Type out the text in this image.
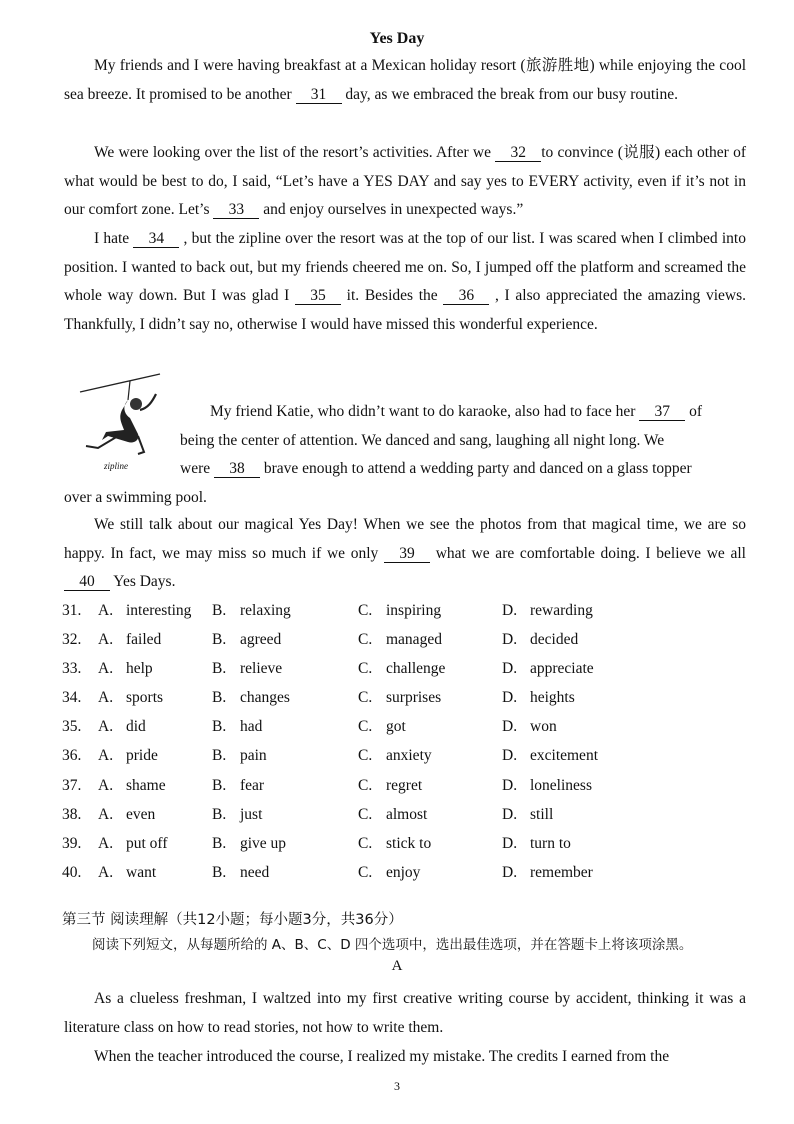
Yes Day
My friends and I were having breakfast at a Mexican holiday resort (旅游胜地) while enjoying the cool sea breeze. It promised to be another 31 day, as we embraced the break from our busy routine.
We were looking over the list of the resort’s activities. After we 32 to convince (说服) each other of what would be best to do, I said, “Let’s have a YES DAY and say yes to EVERY activity, even if it’s not in our comfort zone. Let’s 33 and enjoy ourselves in unexpected ways.”
I hate 34 , but the zipline over the resort was at the top of our list. I was scared when I climbed into position. I wanted to back out, but my friends cheered me on. So, I jumped off the platform and screamed the whole way down. But I was glad I 35 it. Besides the 36 , I also appreciated the amazing views. Thankfully, I didn’t say no, otherwise I would have missed this wonderful experience.
zipline
My friend Katie, who didn’t want to do karaoke, also had to face her 37 of
being the center of attention. We danced and sang, laughing all night long. We
were 38 brave enough to attend a wedding party and danced on a glass topper
over a swimming pool.
We still talk about our magical Yes Day! When we see the photos from that magical time, we are so happy. In fact, we may miss so much if we only 39 what we are comfortable doing. I believe we all40 Yes Days.
31. A. interesting B. relaxing	C. inspiring	D. rewarding
32. A. failed	B. agreed	C. managed	D. decided
33. A. help	B. relieve	C. challenge	D. appreciate
34. A. sports	B. changes	C. surprises	D. heights
35. A. did	B. had	C. got	D. won
36. A. pride	B. pain	C. anxiety	D. excitement
37. A. shame	B. fear	C. regret	D. loneliness
38. A. even	B. just	C. almost	D. still
39. A. put off	B. give up	C. stick to	D. turn to
40. A. want	B. need	C. enjoy	D. remember
第三节 阅读理解（共12小题；每小题3分，共36分）
阅读下列短文，从每题所给的 A、B、C、D 四个选项中，选出最佳选项，并在答题卡上将该项涂黑。
A
As a clueless freshman, I waltzed into my first creative writing course by accident, thinking it was a literature class on how to read stories, not how to write them.
When the teacher introduced the course, I realized my mistake. The credits I earned from the
3
